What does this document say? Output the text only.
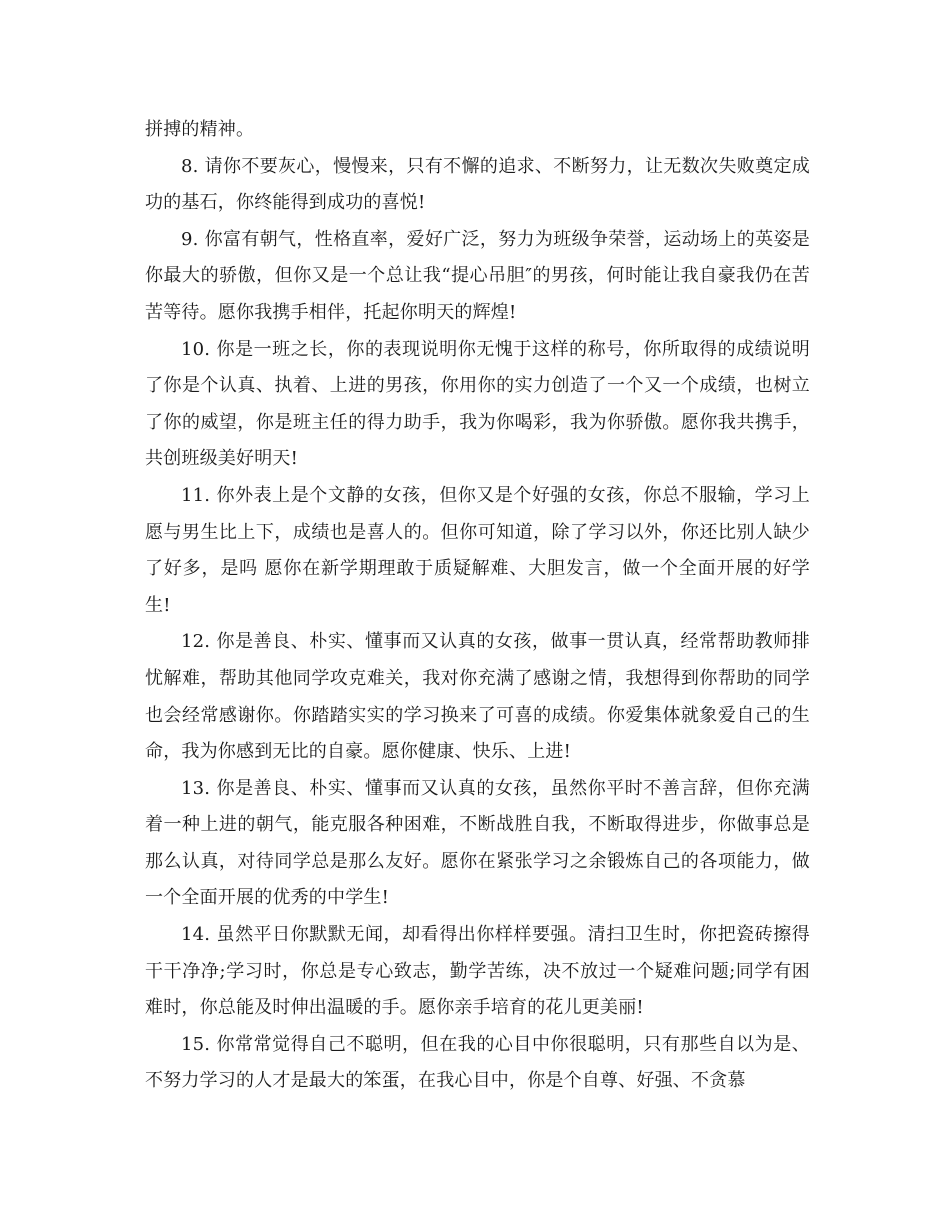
拼搏的精神。

8. 请你不要灰心，慢慢来，只有不懈的追求、不断努力，让无数次失败奠定成功的基石，你终能得到成功的喜悦!

9. 你富有朝气，性格直率，爱好广泛，努力为班级争荣誉，运动场上的英姿是你最大的骄傲，但你又是一个总让我“提心吊胆″的男孩，何时能让我自豪我仍在苦苦等待。愿你我携手相伴，托起你明天的辉煌!

10. 你是一班之长，你的表现说明你无愧于这样的称号，你所取得的成绩说明了你是个认真、执着、上进的男孩，你用你的实力创造了一个又一个成绩，也树立了你的威望，你是班主任的得力助手，我为你喝彩，我为你骄傲。愿你我共携手，共创班级美好明天!

11. 你外表上是个文静的女孩，但你又是个好强的女孩，你总不服输，学习上愿与男生比上下，成绩也是喜人的。但你可知道，除了学习以外，你还比别人缺少了好多，是吗 愿你在新学期理敢于质疑解难、大胆发言，做一个全面开展的好学生!

12. 你是善良、朴实、懂事而又认真的女孩，做事一贯认真，经常帮助教师排忧解难，帮助其他同学攻克难关，我对你充满了感谢之情，我想得到你帮助的同学也会经常感谢你。你踏踏实实的学习换来了可喜的成绩。你爱集体就象爱自己的生命，我为你感到无比的自豪。愿你健康、快乐、上进!

13. 你是善良、朴实、懂事而又认真的女孩，虽然你平时不善言辞，但你充满着一种上进的朝气，能克服各种困难，不断战胜自我，不断取得进步，你做事总是那么认真，对待同学总是那么友好。愿你在紧张学习之余锻炼自己的各项能力，做一个全面开展的优秀的中学生!

14. 虽然平日你默默无闻，却看得出你样样要强。清扫卫生时，你把瓷砖擦得干干净净;学习时，你总是专心致志，勤学苦练，决不放过一个疑难问题;同学有困难时，你总能及时伸出温暖的手。愿你亲手培育的花儿更美丽!

15. 你常常觉得自己不聪明，但在我的心目中你很聪明，只有那些自以为是、不努力学习的人才是最大的笨蛋，在我心目中，你是个自尊、好强、不贪慕
